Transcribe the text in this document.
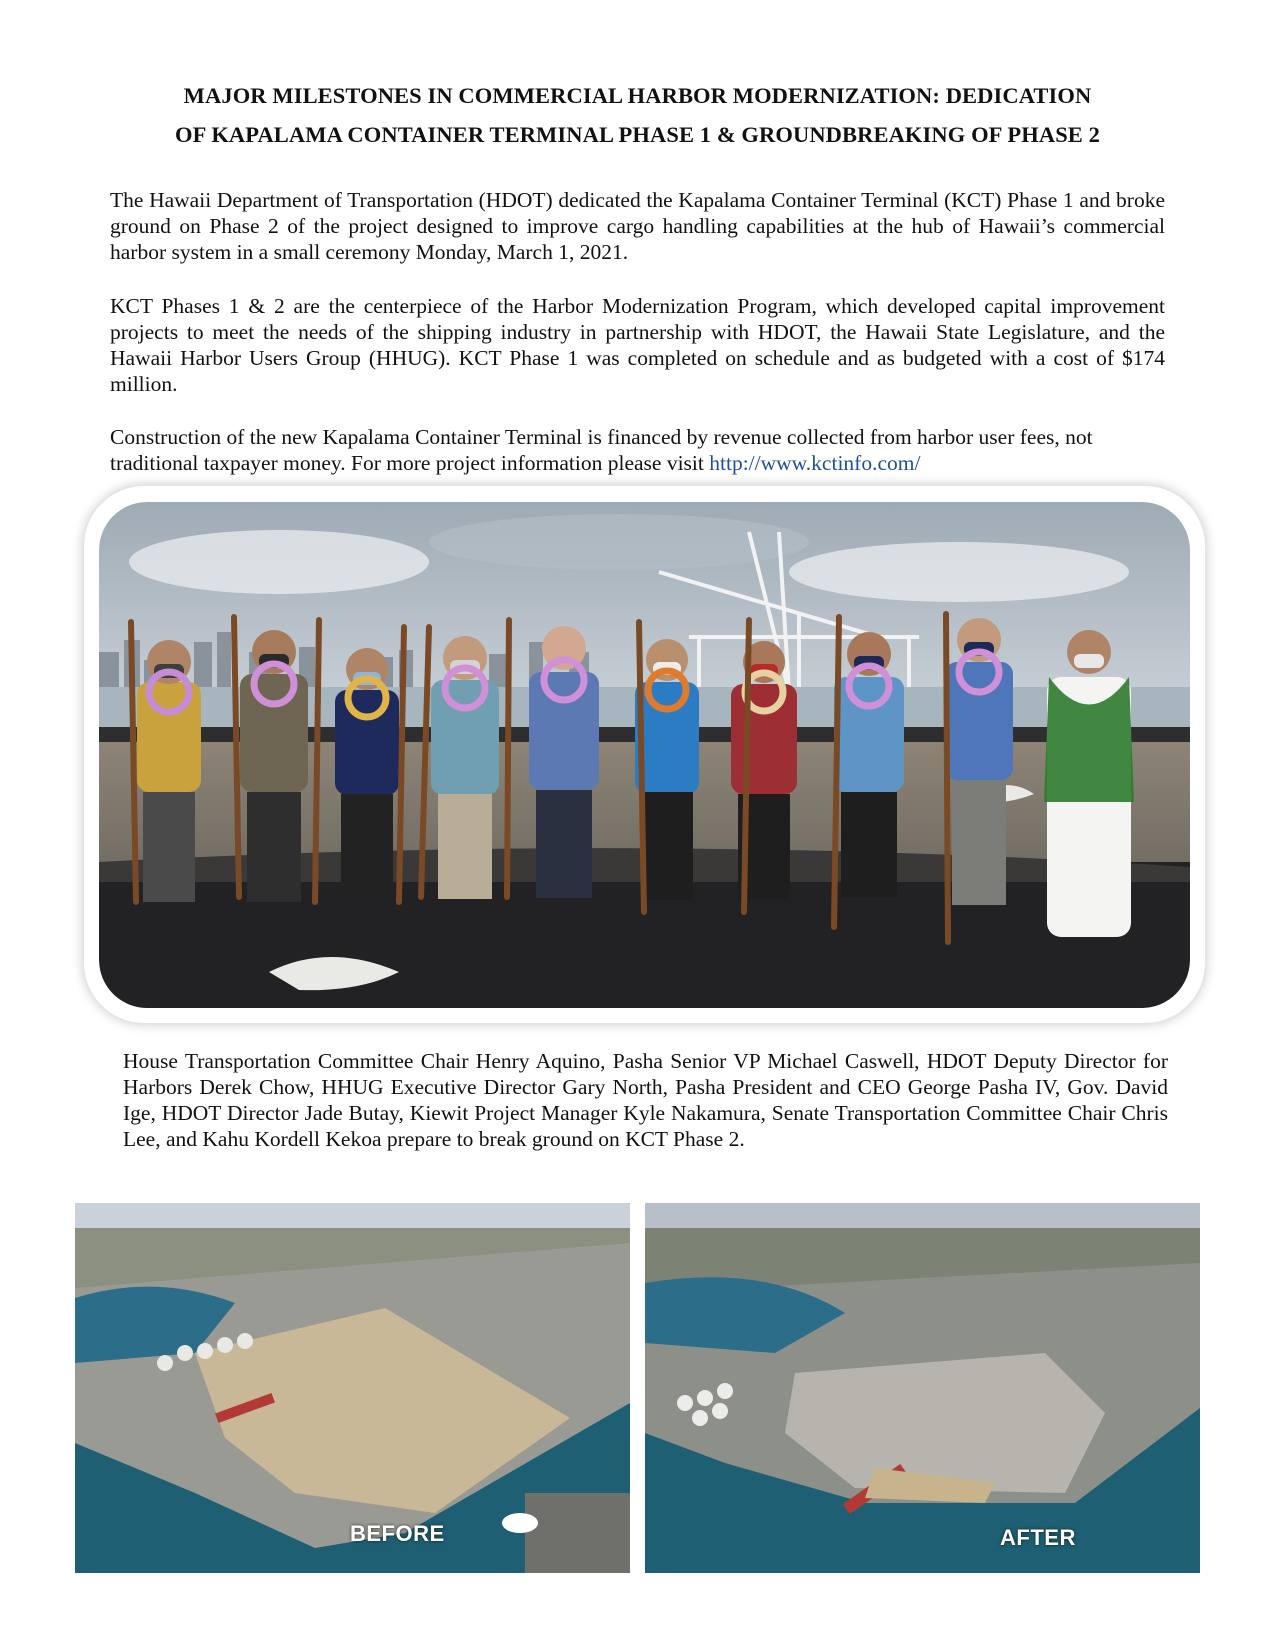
MAJOR MILESTONES IN COMMERCIAL HARBOR MODERNIZATION: DEDICATION
OF KAPALAMA CONTAINER TERMINAL PHASE 1 & GROUNDBREAKING OF PHASE 2

The Hawaii Department of Transportation (HDOT) dedicated the Kapalama Container Terminal (KCT) Phase 1 and broke ground on Phase 2 of the project designed to improve cargo handling capabilities at the hub of Hawaii’s commercial harbor system in a small ceremony Monday, March 1, 2021.

KCT Phases 1 & 2 are the centerpiece of the Harbor Modernization Program, which developed capital improvement projects to meet the needs of the shipping industry in partnership with HDOT, the Hawaii State Legislature, and the Hawaii Harbor Users Group (HHUG). KCT Phase 1 was completed on schedule and as budgeted with a cost of $174 million.

Construction of the new Kapalama Container Terminal is financed by revenue collected from harbor user fees, not traditional taxpayer money. For more project information please visit http://www.kctinfo.com/

House Transportation Committee Chair Henry Aquino, Pasha Senior VP Michael Caswell, HDOT Deputy Director for Harbors Derek Chow, HHUG Executive Director Gary North, Pasha President and CEO George Pasha IV, Gov. David Ige, HDOT Director Jade Butay, Kiewit Project Manager Kyle Nakamura, Senate Transportation Committee Chair Chris Lee, and Kahu Kordell Kekoa prepare to break ground on KCT Phase 2.

BEFORE	AFTER
